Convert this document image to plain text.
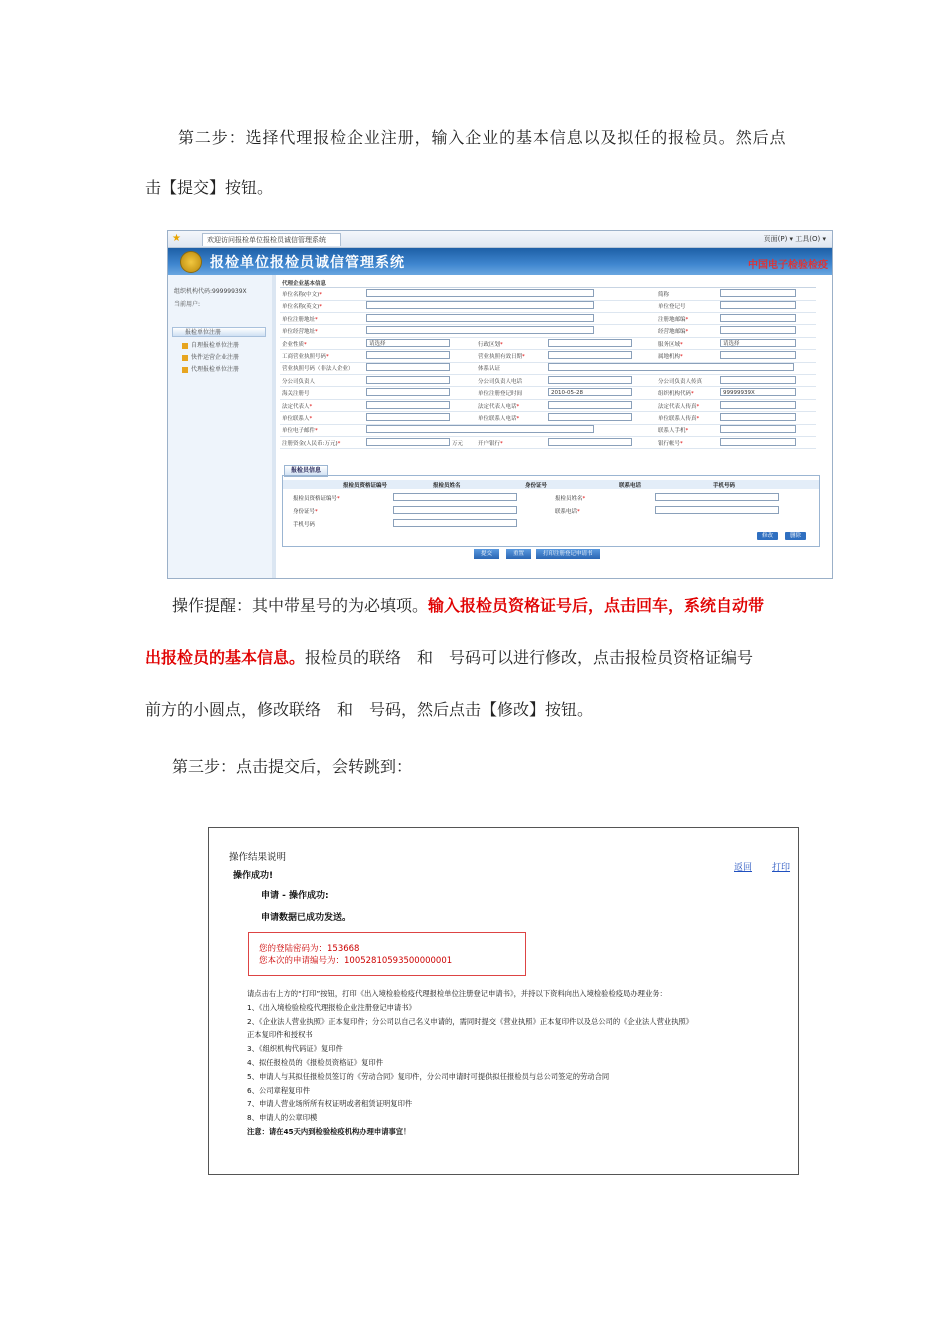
第二步：选择代理报检企业注册，输入企业的基本信息以及拟任的报检员。然后点
击【提交】按钮。
★	欢迎访问报检单位报检员诚信管理系统	页面(P) ▾ 工具(O) ▾
报检单位报检员诚信管理系统	中国电子检验检疫
组织机构代码:99999939X
当前用户:
报检单位注册
自理报检单位注册
快件运营企业注册
代理报检单位注册
代理企业基本信息
单位名称(中文)*	简称
单位名称(英文)*	单位登记号
单位注册地址*	注册地邮编*
单位经营地址*	经营地邮编*
企业性质*	请选择	行政区划*	服务区域*	请选择
工商营业执照号码*	营业执照有效日期*	属地机构*
营业执照号码（非法人企业）	体系认证
分公司负责人	分公司负责人电话	分公司负责人传真
海关注册号	单位注册登记时间	2010-05-28	组织机构代码*	99999939X
法定代表人*	法定代表人电话*	法定代表人传真*
单位联系人*	单位联系人电话*	单位联系人传真*
单位电子邮件*	联系人手机*
注册资金(人民币:万元)*	开户银行*	银行帐号*
万元
报检员信息
报检员资格证编号	报检员姓名	身份证号	联系电话	手机号码
报检员资格证编号*	报检员姓名*
身份证号*	联系电话*
手机号码
修改	删除
提交	重置	打印注册登记申请书
操作提醒：其中带星号的为必填项。输入报检员资格证号后，点击回车，系统自动带
出报检员的基本信息。报检员的联络　和　号码可以进行修改，点击报检员资格证编号
前方的小圆点，修改联络　和　号码，然后点击【修改】按钮。
第三步：点击提交后，会转跳到：
操作结果说明
操作成功!
申请 - 操作成功:
申请数据已成功发送。
返回 打印
您的登陆密码为：153668
您本次的申请编号为：10052810593500000001
请点击右上方的“打印”按钮，打印《出入境检验检疫代理报检单位注册登记申请书》，并持以下资料向出入境检验检疫局办理业务：
1、《出入境检验检疫代理报检企业注册登记申请书》
2、《企业法人营业执照》正本复印件；分公司以自己名义申请的，需同时提交《营业执照》正本复印件以及总公司的《企业法人营业执照》
正本复印件和授权书
3、《组织机构代码证》复印件
4、拟任报检员的《报检员资格证》复印件
5、申请人与其拟任报检员签订的《劳动合同》复印件，分公司申请时可提供拟任报检员与总公司签定的劳动合同
6、公司章程复印件
7、申请人营业场所所有权证明或者租赁证明复印件
8、申请人的公章印模
注意：请在45天内到检验检疫机构办理申请事宜！
